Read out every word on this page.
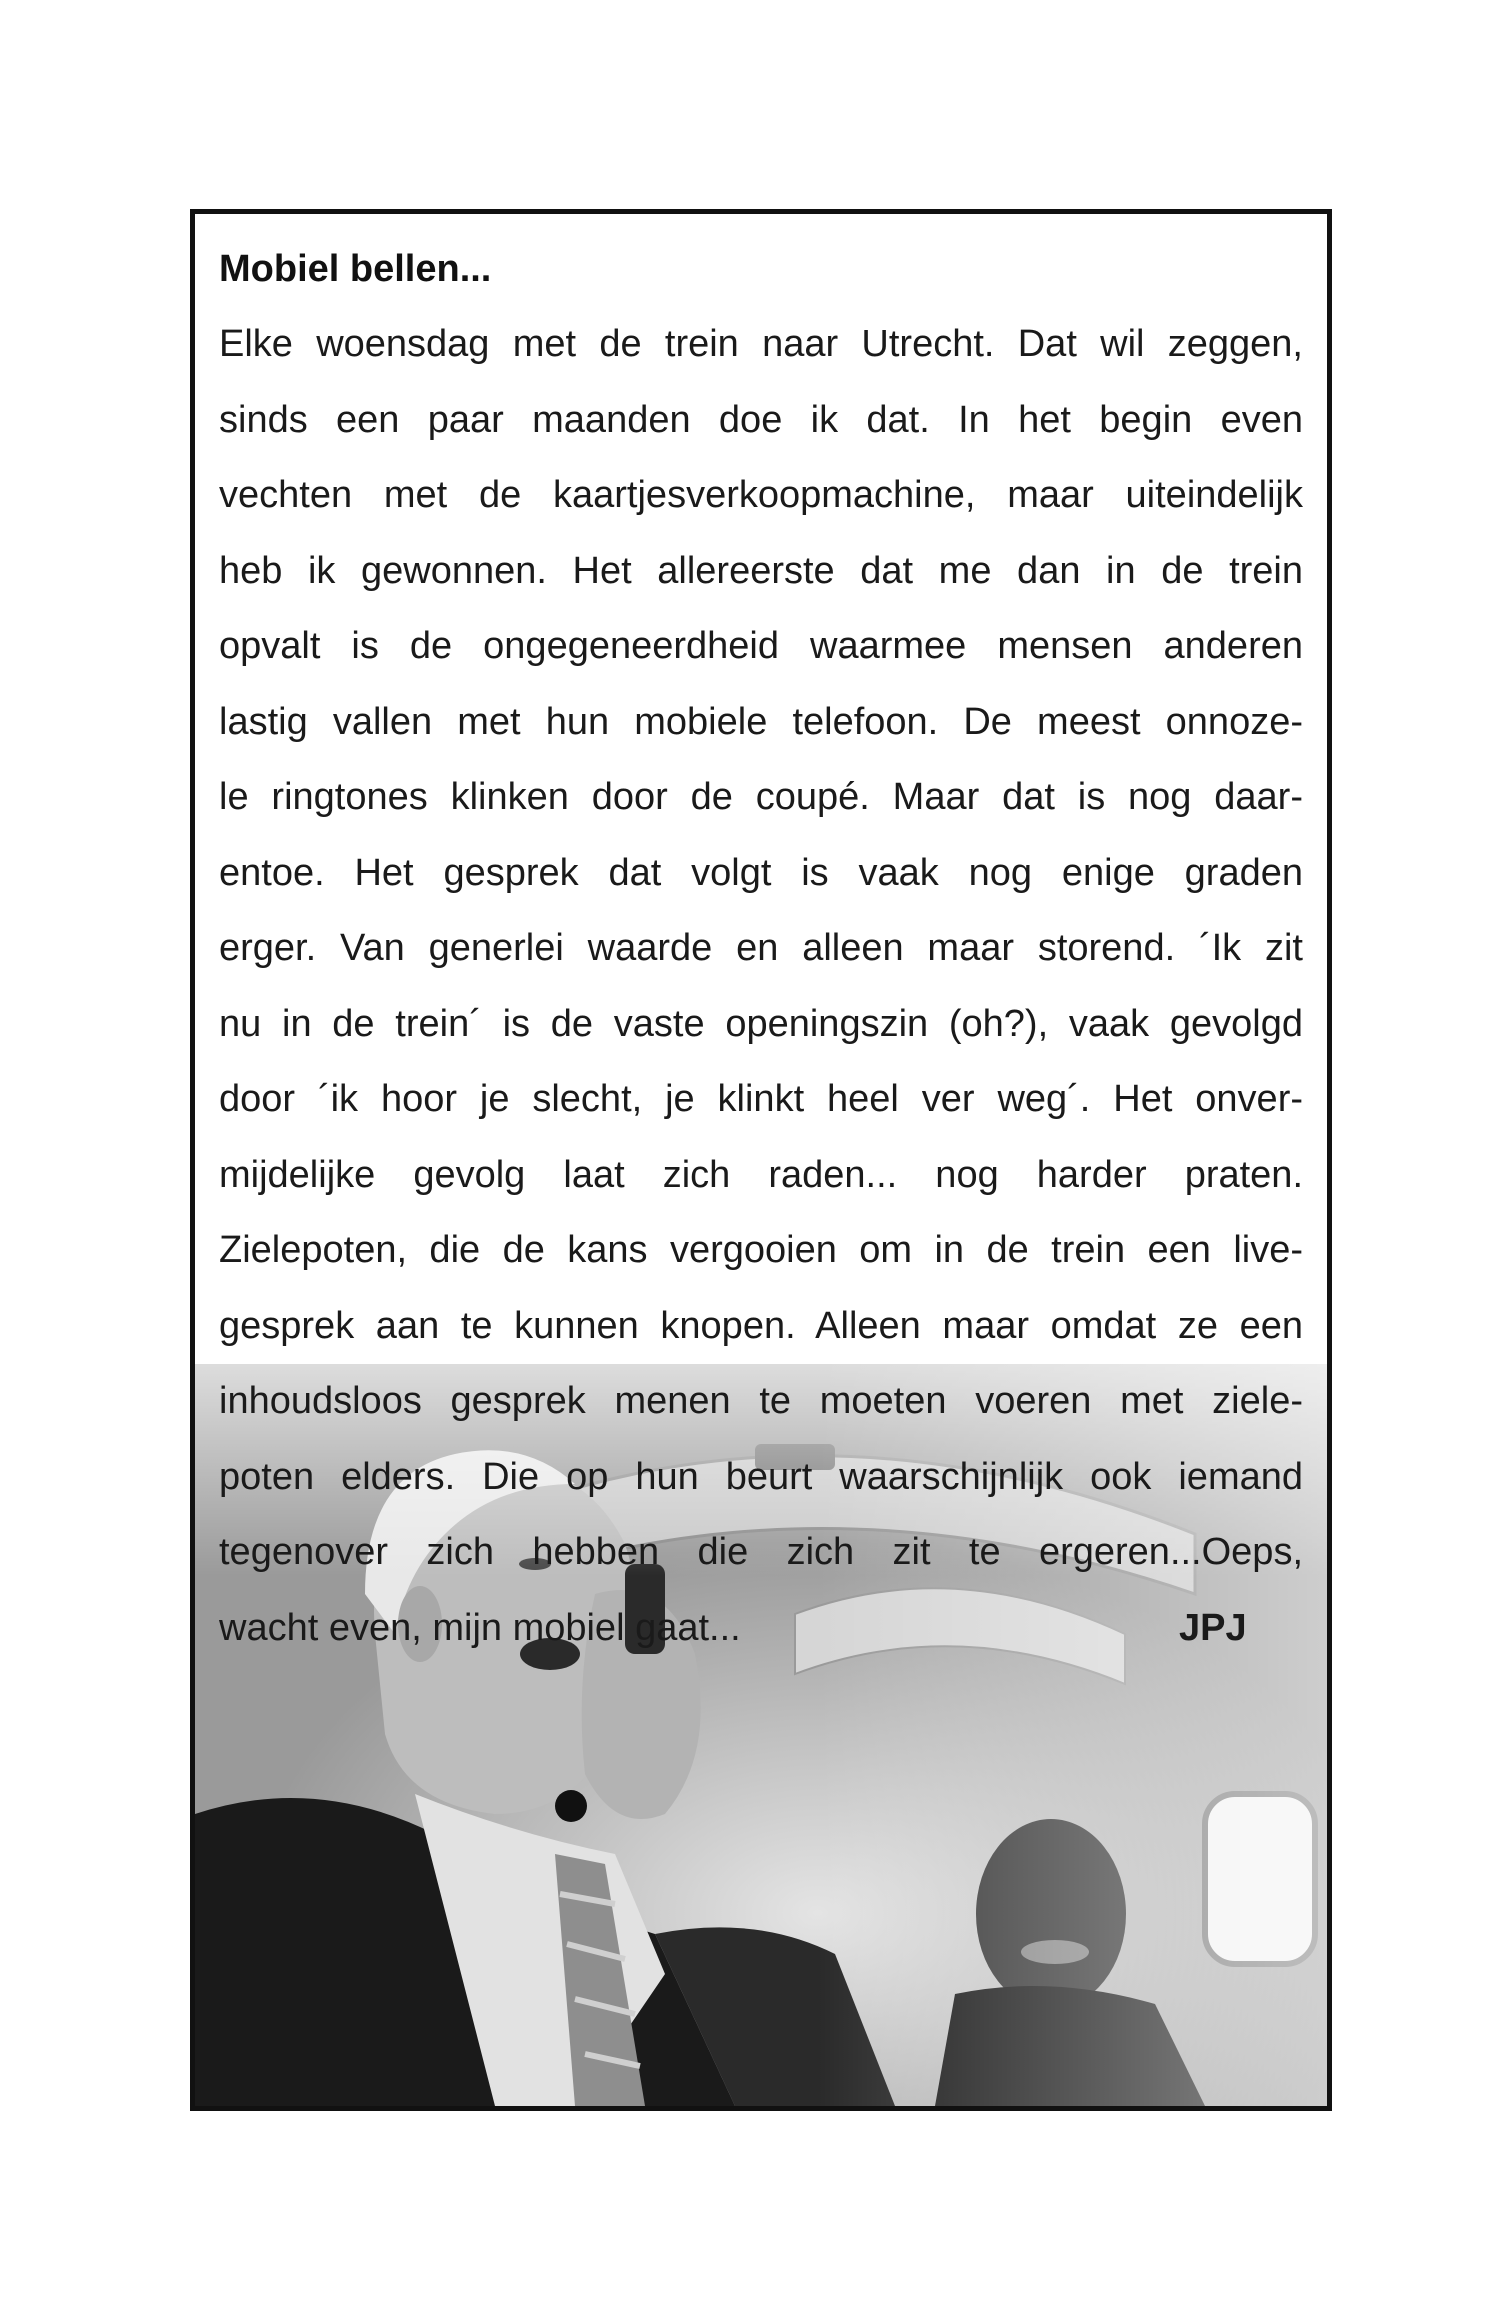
Mobiel bellen...
Elke woensdag met de trein naar Utrecht. Dat wil zeggen,
sinds een paar maanden doe ik dat. In het begin even
vechten met de kaartjesverkoopmachine, maar uiteindelijk
heb ik gewonnen. Het allereerste dat me dan in de trein
opvalt is de ongegeneerdheid waarmee mensen anderen
lastig vallen met hun mobiele telefoon. De meest onnoze-
le ringtones klinken door de coupé. Maar dat is nog daar-
entoe. Het gesprek dat volgt is vaak nog enige graden
erger. Van generlei waarde en alleen maar storend. ´Ik zit
nu in de trein´ is de vaste openingszin (oh?), vaak gevolgd
door ´ik hoor je slecht, je klinkt heel ver weg´. Het onver-
mijdelijke gevolg laat zich raden... nog harder praten.
Zielepoten, die de kans vergooien om in de trein een live-
gesprek aan te kunnen knopen. Alleen maar omdat ze een
inhoudsloos gesprek menen te moeten voeren met ziele-
poten elders. Die op hun beurt waarschijnlijk ook iemand
tegenover zich hebben die zich zit te ergeren...Oeps,
wacht even, mijn mobiel gaat...	JPJ
